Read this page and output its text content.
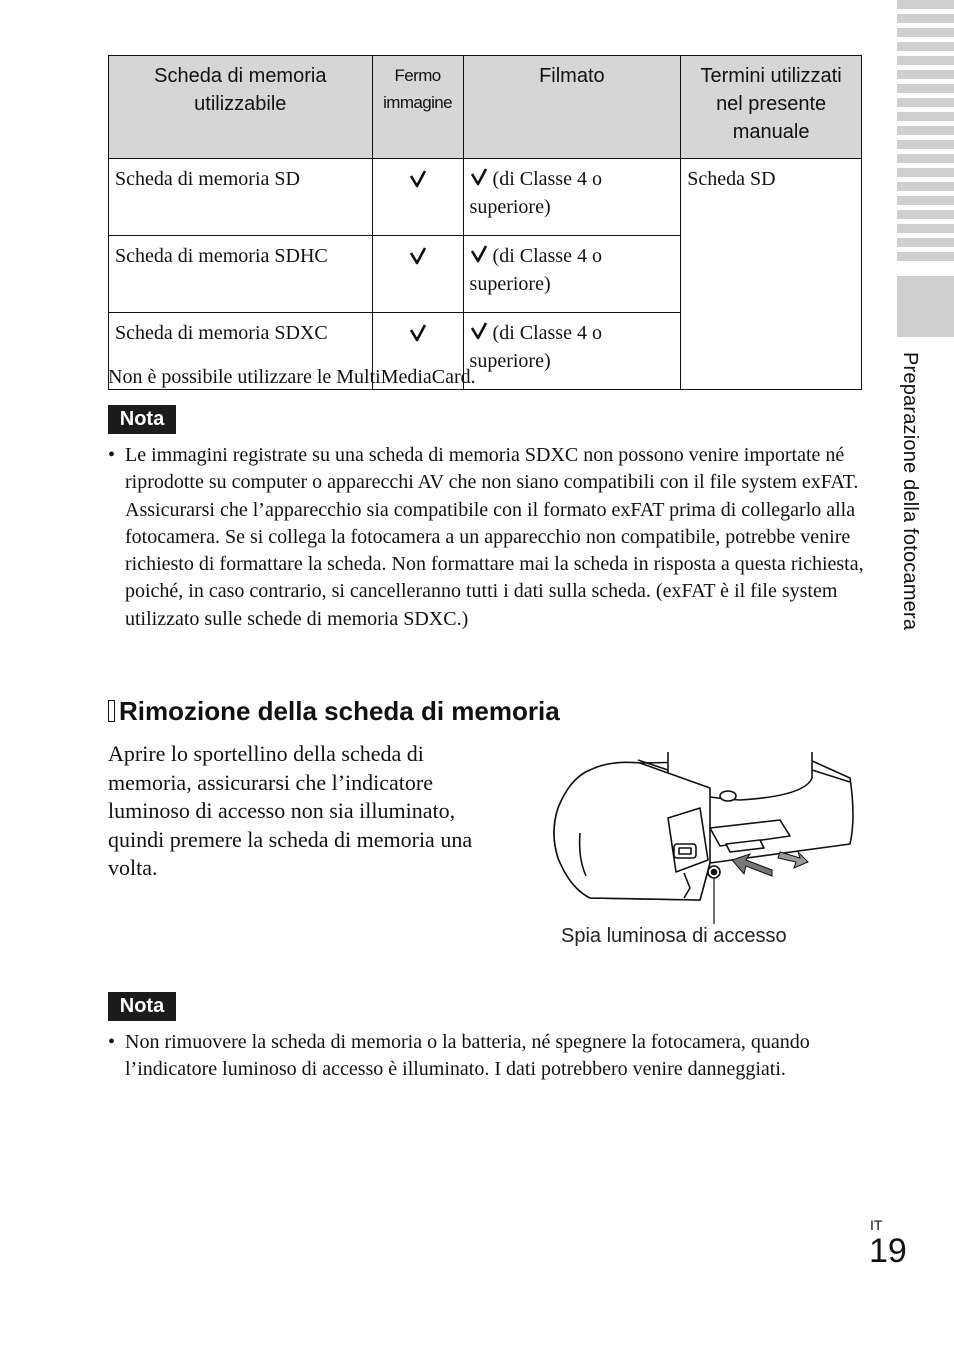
Scheda di memoria utilizzabile	Fermo immagine	Filmato	Termini utilizzati nel presente manuale
Scheda di memoria SD		(di Classe 4 o superiore)	Scheda SD
Scheda di memoria SDHC		(di Classe 4 o superiore)	
Scheda di memoria SDXC		(di Classe 4 o superiore)	
Non è possibile utilizzare le MultiMediaCard.
Nota
• Le immagini registrate su una scheda di memoria SDXC non possono venire importate né riprodotte su computer o apparecchi AV che non siano compatibili con il file system exFAT. Assicurarsi che l’apparecchio sia compatibile con il formato exFAT prima di collegarlo alla fotocamera. Se si collega la fotocamera a un apparecchio non compatibile, potrebbe venire richiesto di formattare la scheda. Non formattare mai la scheda in risposta a questa richiesta, poiché, in caso contrario, si cancelleranno tutti i dati sulla scheda. (exFAT è il file system utilizzato sulle schede di memoria SDXC.)
Rimozione della scheda di memoria
Aprire lo sportellino della scheda di memoria, assicurarsi che l’indicatore luminoso di accesso non sia illuminato, quindi premere la scheda di memoria una volta.
Spia luminosa di accesso
Nota
• Non rimuovere la scheda di memoria o la batteria, né spegnere la fotocamera, quando l’indicatore luminoso di accesso è illuminato. I dati potrebbero venire danneggiati.
Preparazione della fotocamera
IT
19
